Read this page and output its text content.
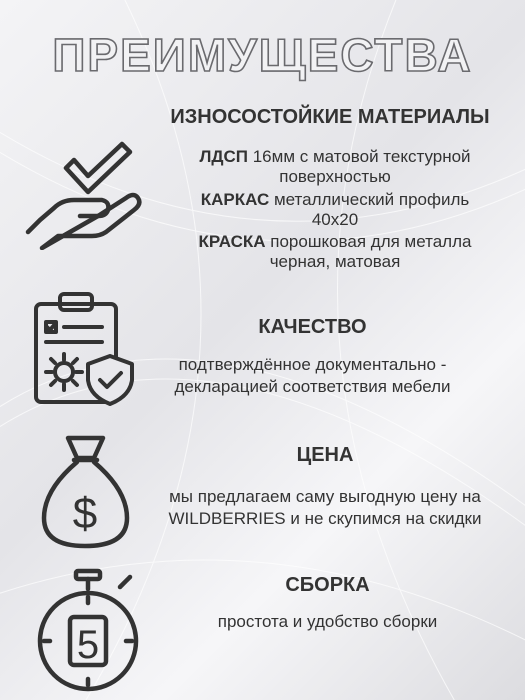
ПРЕИМУЩЕСТВА
ИЗНОСОСТОЙКИЕ МАТЕРИАЛЫ
ЛДСП 16мм с матовой текстурной
поверхностью
КАРКАС металлический профиль
40х20
КРАСКА порошковая для металла
черная, матовая
КАЧЕСТВО
подтверждённое документально -
декларацией соответствия мебели
$
ЦЕНА
мы предлагаем саму выгодную цену на
WILDBERRIES и не скупимся на скидки
5
СБОРКА
простота и удобство сборки
